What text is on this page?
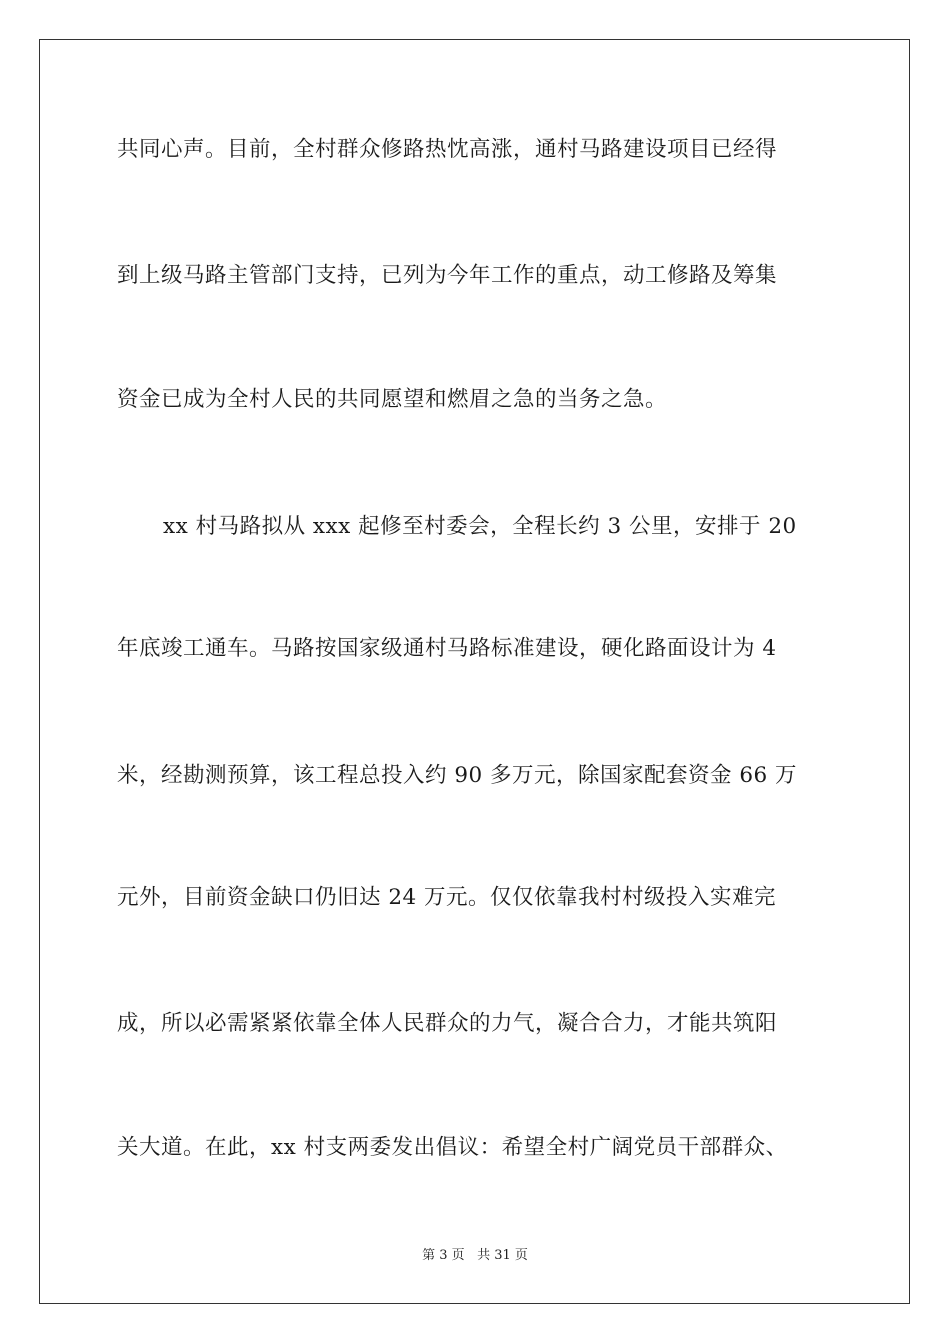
共同心声。目前，全村群众修路热忱高涨，通村马路建设项目已经得
到上级马路主管部门支持，已列为今年工作的重点，动工修路及筹集
资金已成为全村人民的共同愿望和燃眉之急的当务之急。
xx 村马路拟从 xxx 起修至村委会，全程长约 3 公里，安排于 20
年底竣工通车。马路按国家级通村马路标准建设，硬化路面设计为 4
米，经勘测预算，该工程总投入约 90 多万元，除国家配套资金 66 万
元外，目前资金缺口仍旧达 24 万元。仅仅依靠我村村级投入实难完
成，所以必需紧紧依靠全体人民群众的力气，凝合合力，才能共筑阳
关大道。在此，xx 村支两委发出倡议：希望全村广阔党员干部群众、
第 3 页 共 31 页
